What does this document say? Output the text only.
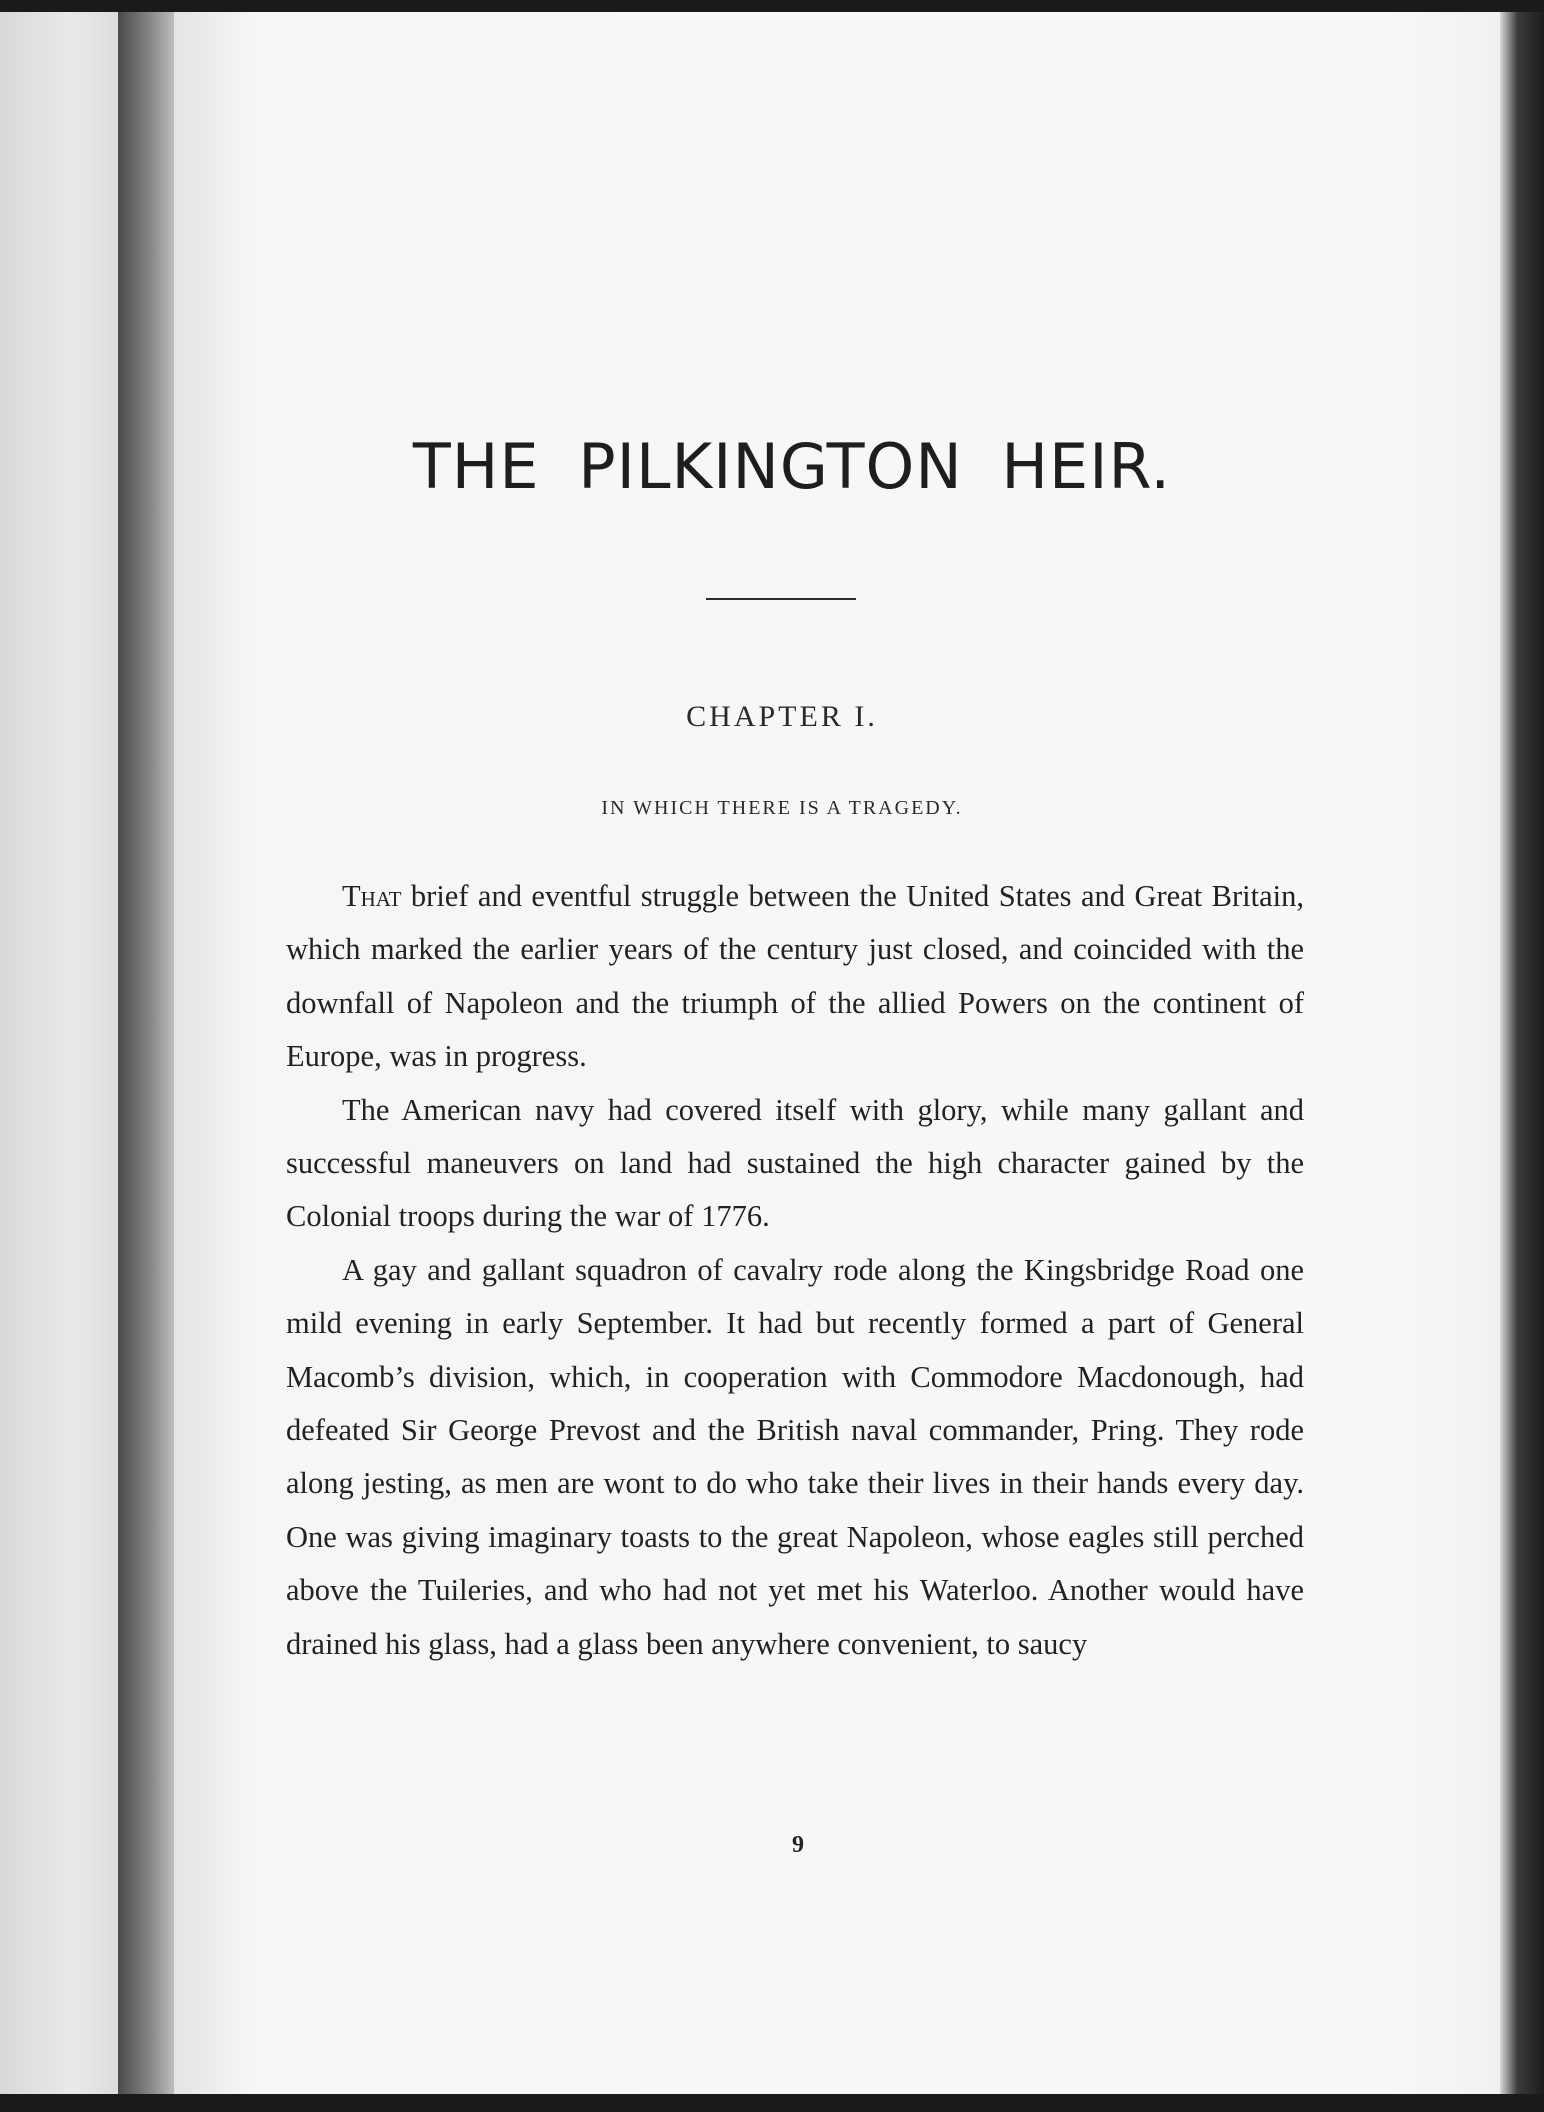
THE PILKINGTON HEIR.
CHAPTER I.
IN WHICH THERE IS A TRAGEDY.

That brief and eventful struggle between the United States and Great Britain, which marked the earlier years of the century just closed, and coincided with the downfall of Napoleon and the triumph of the allied Powers on the continent of Europe, was in progress.

The American navy had covered itself with glory, while many gallant and successful maneuvers on land had sustained the high character gained by the Colonial troops during the war of 1776.

A gay and gallant squadron of cavalry rode along the Kingsbridge Road one mild evening in early September. It had but recently formed a part of General Macomb’s division, which, in cooperation with Commodore Macdonough, had defeated Sir George Prevost and the British naval commander, Pring. They rode along jesting, as men are wont to do who take their lives in their hands every day. One was giving imaginary toasts to the great Napoleon, whose eagles still perched above the Tuileries, and who had not yet met his Waterloo. Another would have drained his glass, had a glass been anywhere convenient, to saucy

9
